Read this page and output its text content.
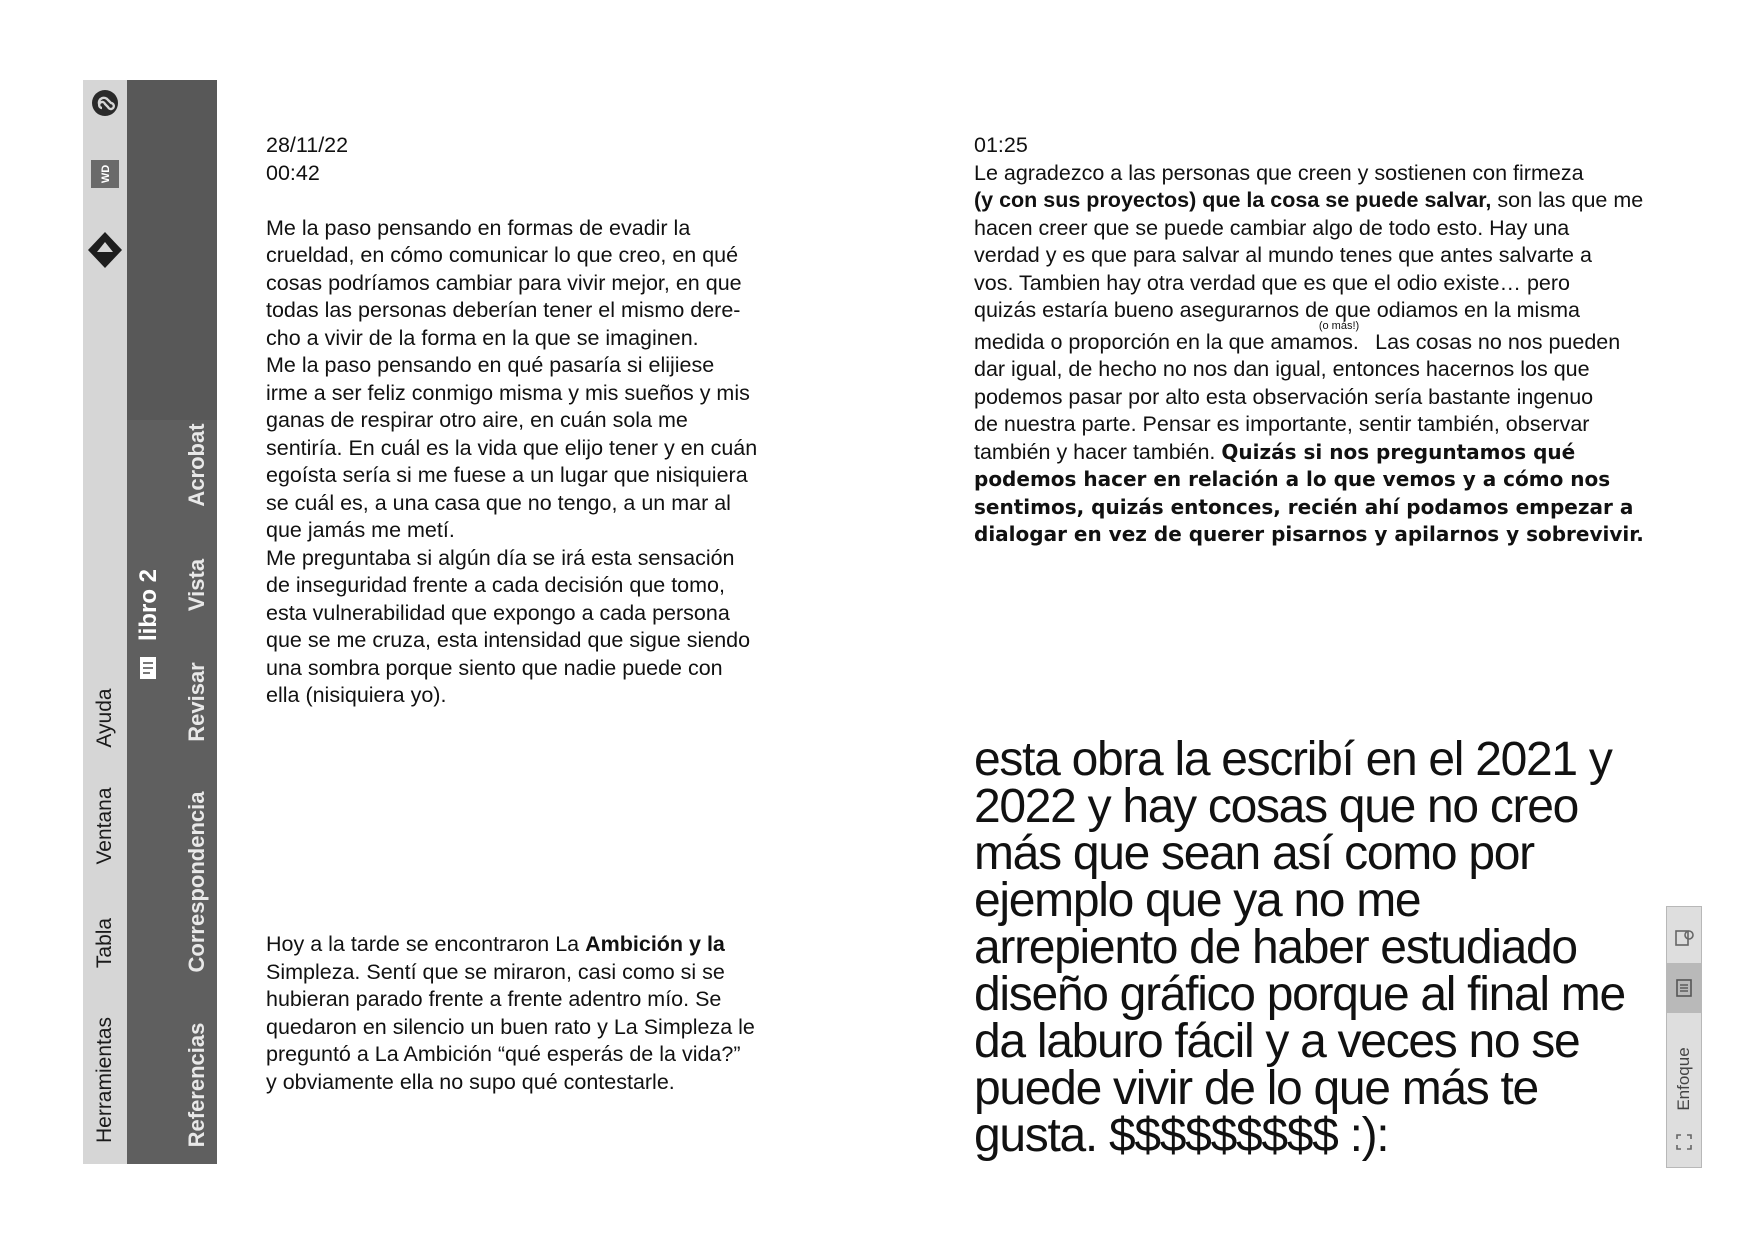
WD
Herramientas
Tabla
Ventana
Ayuda
libro 2
Referencias
Correspondencia
Revisar
Vista
Acrobat

28/11/22

00:42

Me la paso pensando en formas de evadir la
crueldad, en cómo comunicar lo que creo, en qué
cosas podríamos cambiar para vivir mejor, en que
todas las personas deberían tener el mismo dere-
cho a vivir de la forma en la que se imaginen.

Me la paso pensando en qué pasaría si elijiese
irme a ser feliz conmigo misma y mis sueños y mis
ganas de respirar otro aire, en cuán sola me
sentiría. En cuál es la vida que elijo tener y en cuán
egoísta sería si me fuese a un lugar que nisiquiera
se cuál es, a una casa que no tengo, a un mar al
que jamás me metí.

Me preguntaba si algún día se irá esta sensación
de inseguridad frente a cada decisión que tomo,
esta vulnerabilidad que expongo a cada persona
que se me cruza, esta intensidad que sigue siendo
una sombra porque siento que nadie puede con
ella (nisiquiera yo).

Hoy a la tarde se encontraron La Ambición y la
Simpleza. Sentí que se miraron, casi como si se
hubieran parado frente a frente adentro mío. Se
quedaron en silencio un buen rato y La Simpleza le
preguntó a La Ambición “qué esperás de la vida?”
y obviamente ella no supo qué contestarle.

01:25

Le agradezco a las personas que creen y sostienen con firmeza
(y con sus proyectos) que la cosa se puede salvar, son las que me
hacen creer que se puede cambiar algo de todo esto. Hay una
verdad y es que para salvar al mundo tenes que antes salvarte a
vos. Tambien hay otra verdad que es que el odio existe… pero
quizás estaría bueno asegurarnos de que odiamos en la misma
medida o proporción en la que amamos.$^{(o más!)}$ Las cosas no nos pueden
dar igual, de hecho no nos dan igual, entonces hacernos los que
podemos pasar por alto esta observación sería bastante ingenuo
de nuestra parte. Pensar es importante, sentir también, observar
también y hacer también. Quizás si nos preguntamos qué
podemos hacer en relación a lo que vemos y a cómo nos
sentimos, quizás entonces, recién ahí podamos empezar a
dialogar en vez de querer pisarnos y apilarnos y sobrevivir.

esta obra la escribí en el 2021 y
2022 y hay cosas que no creo
más que sean así como por
ejemplo que ya no me
arrepiento de haber estudiado
diseño gráfico porque al final me
da laburo fácil y a veces no se
puede vivir de lo que más te
gusta. $$$$$$$$$ :):
Enfoque
